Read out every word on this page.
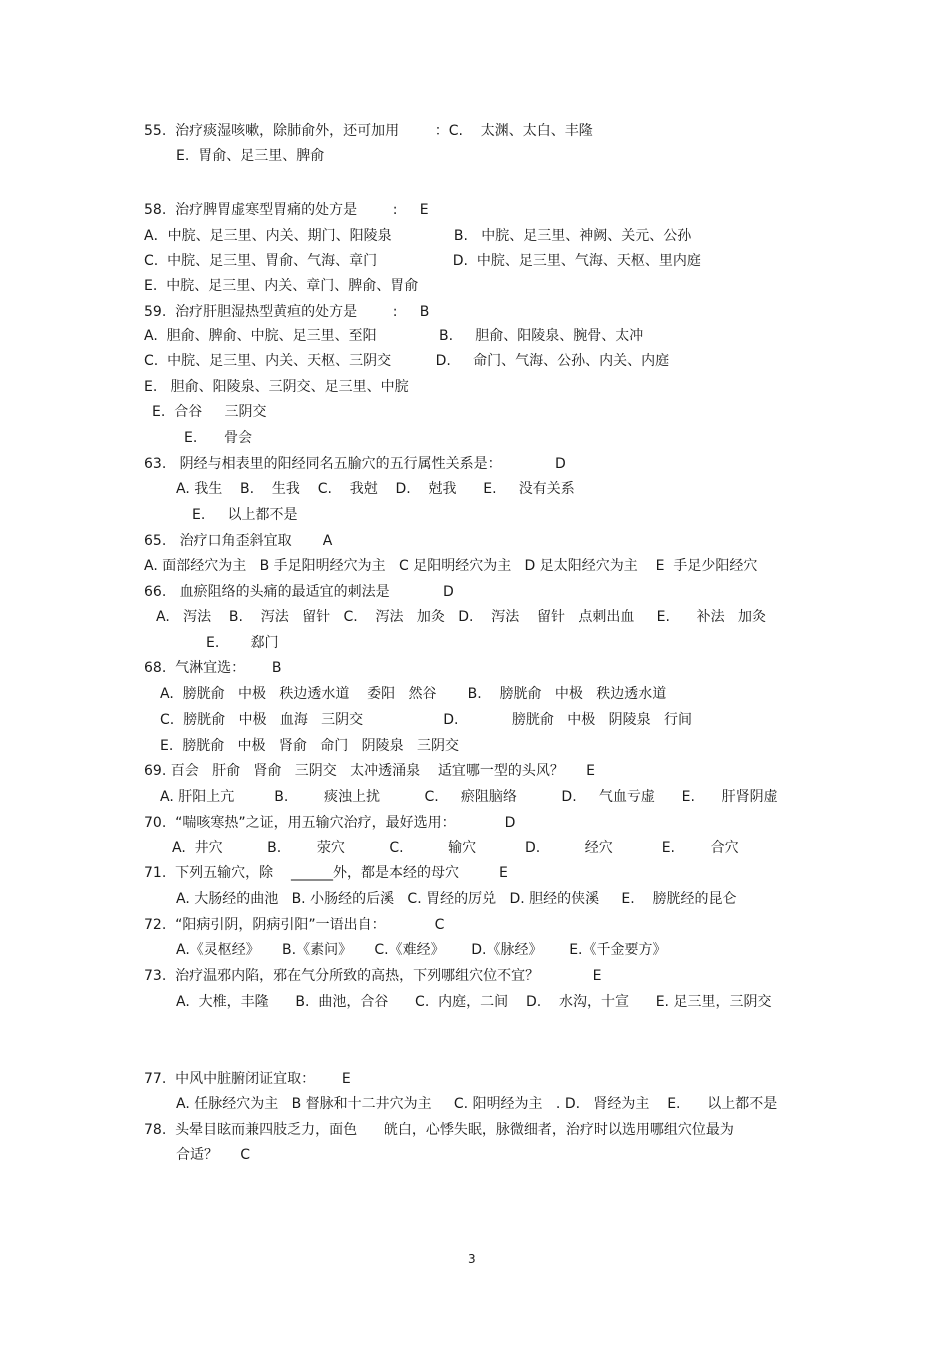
55.  治疗痰湿咳嗽，除肺俞外，还可加用        ：C.    太渊、太白、丰隆
E.  胃俞、足三里、脾俞
58.  治疗脾胃虚寒型胃痛的处方是        :     E
A．中脘、足三里、内关、期门、阳陵泉              B.   中脘、足三里、神阙、关元、公孙
C.  中脘、足三里、胃俞、气海、章门                 D.  中脘、足三里、气海、天枢、里内庭
E.  中脘、足三里、内关、章门、脾俞、胃俞
59.  治疗肝胆湿热型黄疸的处方是        :     B
A.  胆俞、脾俞、中脘、足三里、至阳              B.     胆俞、阳陵泉、腕骨、太冲
C.  中脘、足三里、内关、天枢、三阴交          D.     命门、气海、公孙、内关、内庭
E.   胆俞、阳陵泉、三阴交、足三里、中脘
E.  合谷     三阴交
E.      骨会
63.   阴经与相表里的阳经同名五腧穴的五行属性关系是：            D
A. 我生    B.    生我    C.    我尅    D.    尅我      E.     没有关系
E.     以上都不是
65.   治疗口角歪斜宜取       A
A. 面部经穴为主   B 手足阳明经穴为主   C 足阳明经穴为主   D 足太阳经穴为主    E  手足少阳经穴
66.   血瘀阻络的头痛的最适宜的刺法是            D
A.   泻法    B.    泻法   留针   C.    泻法   加灸   D.    泻法    留针   点刺出血     E.      补法   加灸
E.       郄门
68.  气淋宜选：      B
A.  膀胱俞   中极   秩边透水道    委阳   然谷       B.    膀胱俞   中极   秩边透水道
C.  膀胱俞   中极   血海   三阴交                  D.            膀胱俞   中极   阴陵泉   行间
E.  膀胱俞   中极   肾俞   命门   阴陵泉   三阴交
69. 百会   肝俞   肾俞   三阴交   太冲透涌泉    适宜哪一型的头风？     E
A. 肝阳上亢         B.        痰浊上扰          C.     瘀阻脑络          D.     气血亏虚      E.      肝肾阴虚
70.  “喘咳寒热”之证，用五输穴治疗，最好选用：           D
A.  井穴          B.        荥穴          C.          输穴           D.          经穴           E.        合穴
71.  下列五输穴，除    ______外，都是本经的母穴         E
A. 大肠经的曲池   B. 小肠经的后溪   C. 胃经的厉兑   D. 胆经的侠溪     E.    膀胱经的昆仑
72.  “阳病引阴，阴病引阳”一语出自：           C
A.《灵枢经》     B.《素问》     C.《难经》      D.《脉经》      E.《千金要方》
73.  治疗温邪内陷，邪在气分所致的高热，下列哪组穴位不宜？            E
A.  大椎，丰隆      B.  曲池，合谷      C.  内庭，二间    D.    水沟，十宣      E. 足三里，三阴交
77.  中风中脏腑闭证宜取：      E
A. 任脉经穴为主   B 督脉和十二井穴为主     C. 阳明经为主   . D.   肾经为主    E.      以上都不是
78.  头晕目眩而兼四肢乏力，面色      㿠白，心悸失眠，脉微细者，治疗时以选用哪组穴位最为
合适？     C
3
